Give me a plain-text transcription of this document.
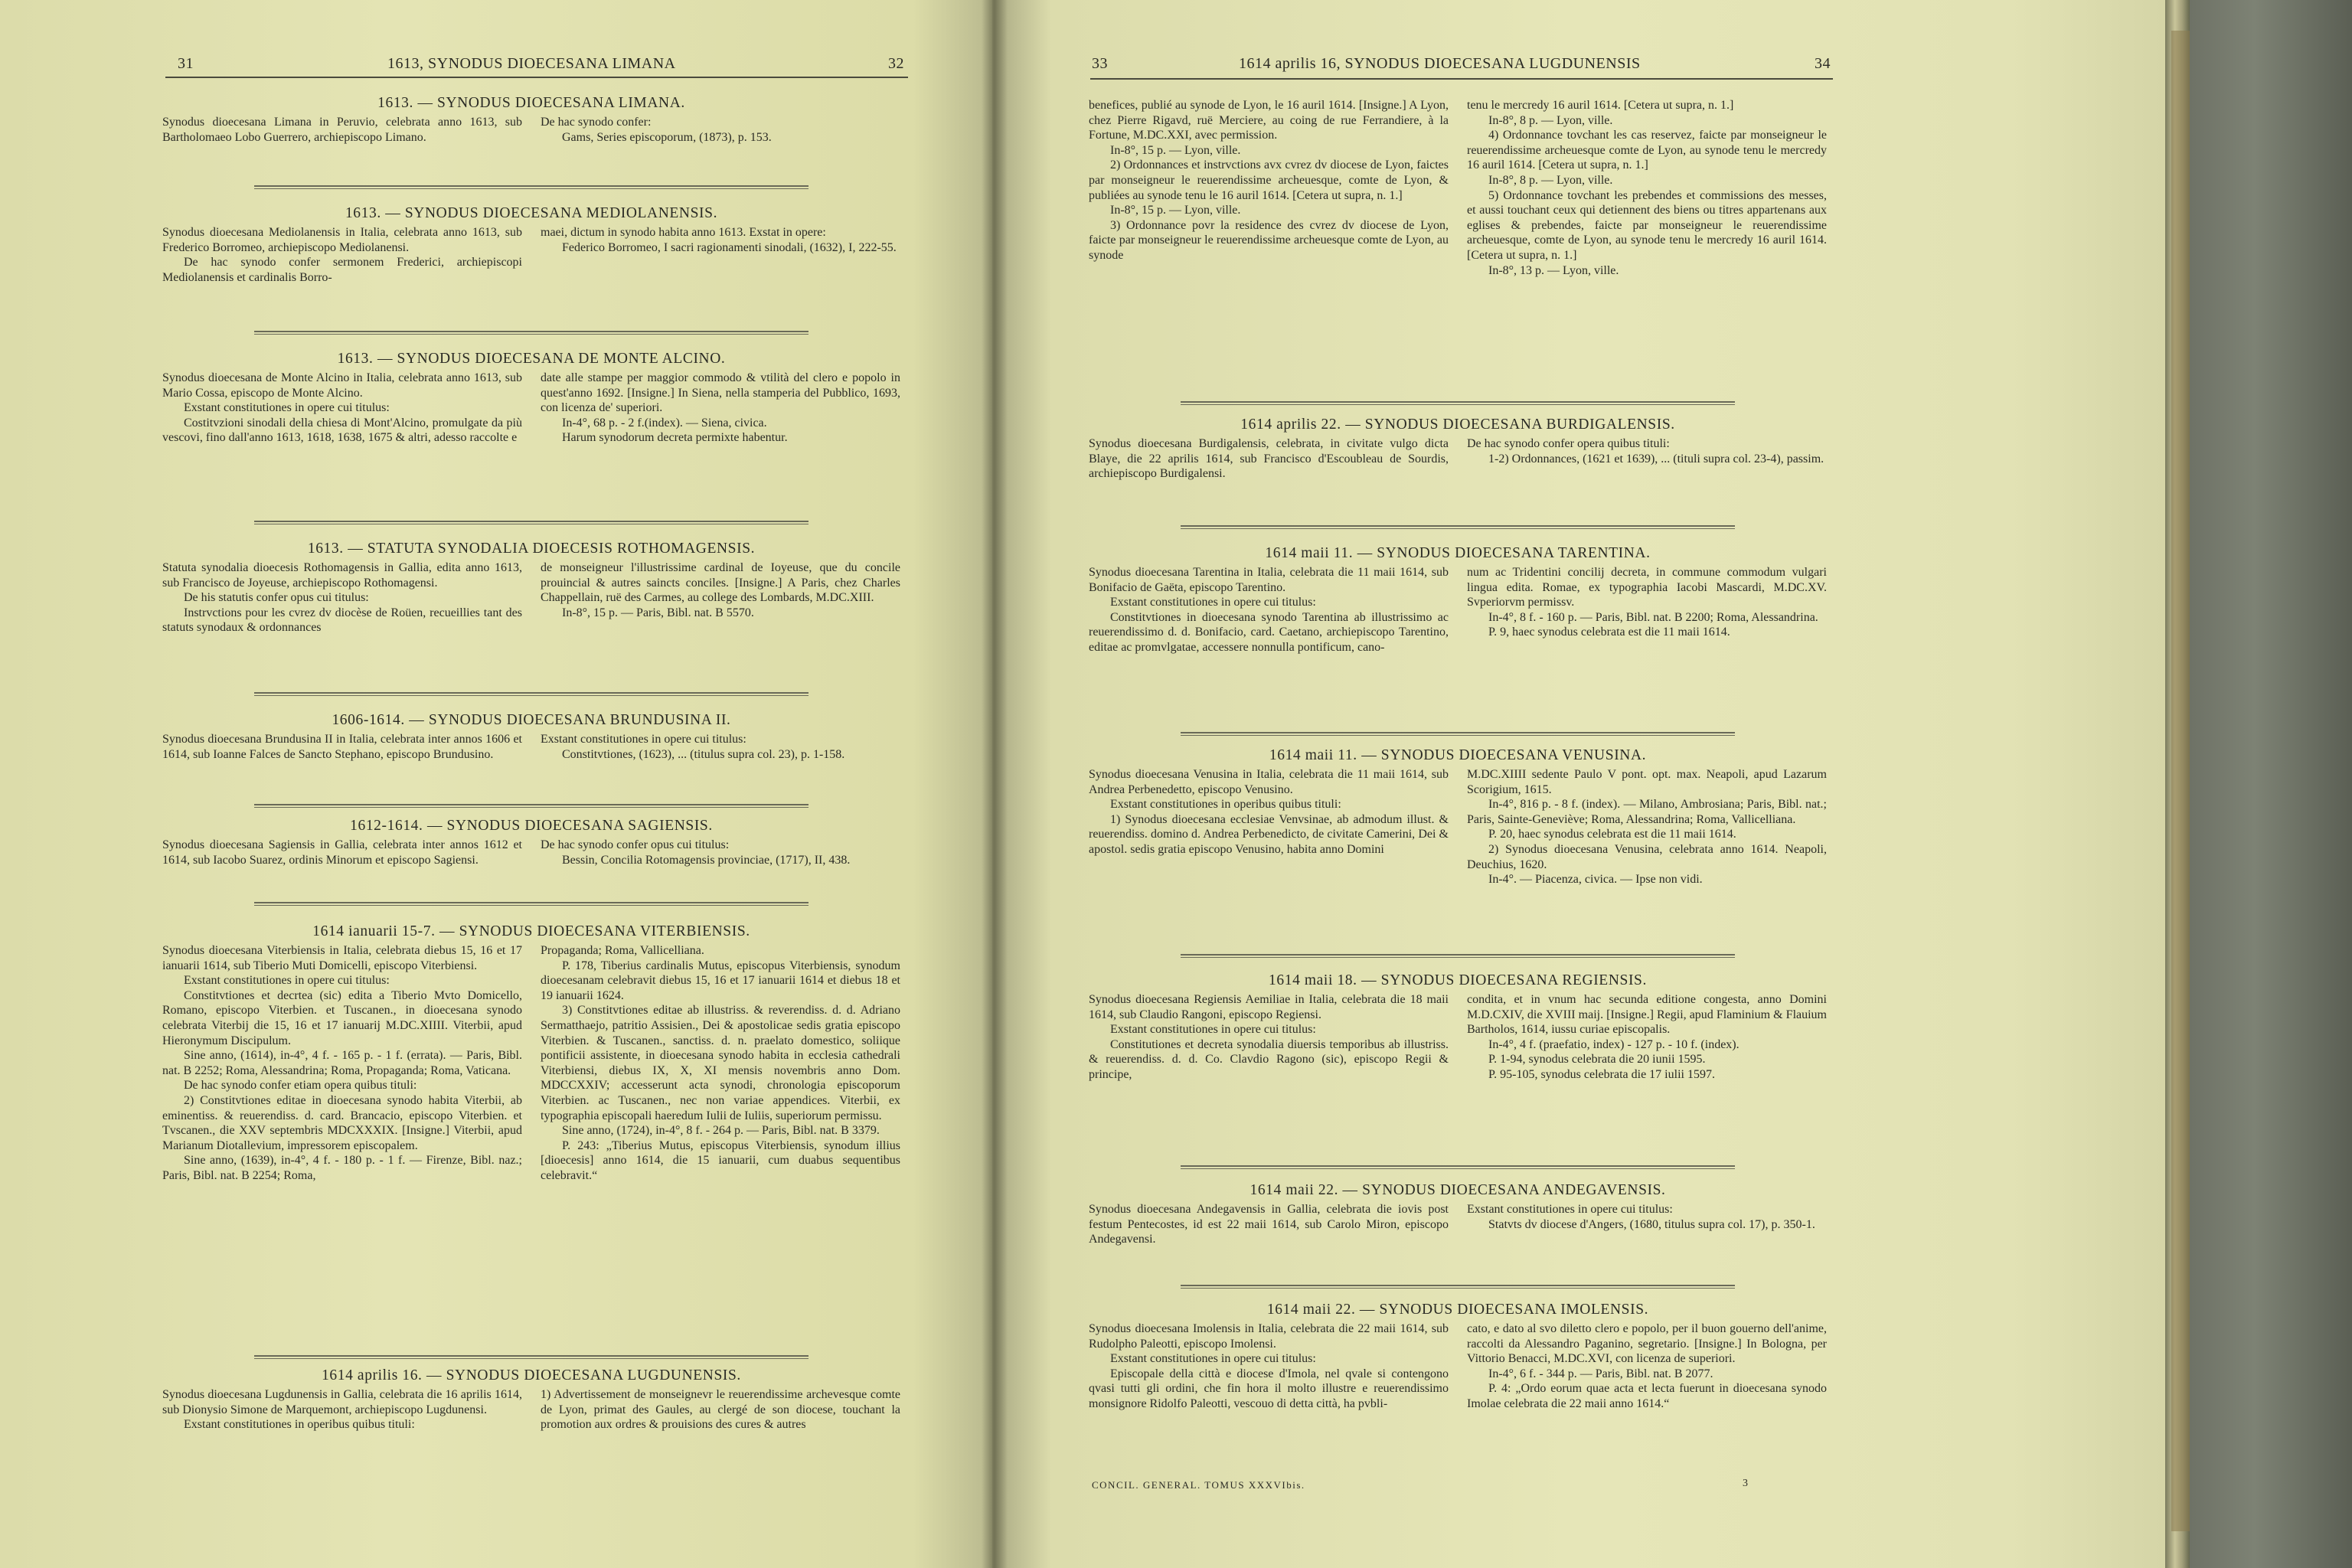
31	1613, SYNODUS DIOECESANA LIMANA	32
1613. — SYNODUS DIOECESANA LIMANA.

Synodus dioecesana Limana in Peruvio, celebrata anno 1613, sub Bartholomaeo Lobo Guerrero, archiepiscopo Limano.

De hac synodo confer:

Gams, Series episcoporum, (1873), p. 153.

1613. — SYNODUS DIOECESANA MEDIOLANENSIS.

Synodus dioecesana Mediolanensis in Italia, celebrata anno 1613, sub Frederico Borromeo, archiepiscopo Mediolanensi.

De hac synodo confer sermonem Frederici, archiepiscopi Mediolanensis et cardinalis Borro-

maei, dictum in synodo habita anno 1613. Exstat in opere:

Federico Borromeo, I sacri ragionamenti sinodali, (1632), I, 222-55.

1613. — SYNODUS DIOECESANA DE MONTE ALCINO.

Synodus dioecesana de Monte Alcino in Italia, celebrata anno 1613, sub Mario Cossa, episcopo de Monte Alcino.

Exstant constitutiones in opere cui titulus:

Costitvzioni sinodali della chiesa di Mont'Alcino, promulgate da più vescovi, fino dall'anno 1613, 1618, 1638, 1675 & altri, adesso raccolte e

date alle stampe per maggior commodo & vtilità del clero e popolo in quest'anno 1692. [Insigne.] In Siena, nella stamperia del Pubblico, 1693, con licenza de' superiori.

In-4°, 68 p. - 2 f.(index). — Siena, civica.

Harum synodorum decreta permixte habentur.

1613. — STATUTA SYNODALIA DIOECESIS ROTHOMAGENSIS.

Statuta synodalia dioecesis Rothomagensis in Gallia, edita anno 1613, sub Francisco de Joyeuse, archiepiscopo Rothomagensi.

De his statutis confer opus cui titulus:

Instrvctions pour les cvrez dv diocèse de Roüen, recueillies tant des statuts synodaux & ordonnances

de monseigneur l'illustrissime cardinal de Ioyeuse, que du concile prouincial & autres saincts conciles. [Insigne.] A Paris, chez Charles Chappellain, ruë des Carmes, au college des Lombards, M.DC.XIII.

In-8°, 15 p. — Paris, Bibl. nat. B 5570.

1606-1614. — SYNODUS DIOECESANA BRUNDUSINA II.

Synodus dioecesana Brundusina II in Italia, celebrata inter annos 1606 et 1614, sub Ioanne Falces de Sancto Stephano, episcopo Brundusino.

Exstant constitutiones in opere cui titulus:

Constitvtiones, (1623), ... (titulus supra col. 23), p. 1-158.

1612-1614. — SYNODUS DIOECESANA SAGIENSIS.

Synodus dioecesana Sagiensis in Gallia, celebrata inter annos 1612 et 1614, sub Iacobo Suarez, ordinis Minorum et episcopo Sagiensi.

De hac synodo confer opus cui titulus:

Bessin, Concilia Rotomagensis provinciae, (1717), II, 438.

1614 ianuarii 15-7. — SYNODUS DIOECESANA VITERBIENSIS.

Synodus dioecesana Viterbiensis in Italia, celebrata diebus 15, 16 et 17 ianuarii 1614, sub Tiberio Muti Domicelli, episcopo Viterbiensi.

Exstant constitutiones in opere cui titulus:

Constitvtiones et decrtea (sic) edita a Tiberio Mvto Domicello, Romano, episcopo Viterbien. et Tuscanen., in dioecesana synodo celebrata Viterbij die 15, 16 et 17 ianuarij M.DC.XIIII. Viterbii, apud Hieronymum Discipulum.

Sine anno, (1614), in-4°, 4 f. - 165 p. - 1 f. (errata). — Paris, Bibl. nat. B 2252; Roma, Alessandrina; Roma, Propaganda; Roma, Vaticana.

De hac synodo confer etiam opera quibus tituli:

2) Constitvtiones editae in dioecesana synodo habita Viterbii, ab eminentiss. & reuerendiss. d. card. Brancacio, episcopo Viterbien. et Tvscanen., die XXV septembris MDCXXXIX. [Insigne.] Viterbii, apud Marianum Diotallevium, impressorem episcopalem.

Sine anno, (1639), in-4°, 4 f. - 180 p. - 1 f. — Firenze, Bibl. naz.; Paris, Bibl. nat. B 2254; Roma,

Propaganda; Roma, Vallicelliana.

P. 178, Tiberius cardinalis Mutus, episcopus Viterbiensis, synodum dioecesanam celebravit diebus 15, 16 et 17 ianuarii 1614 et diebus 18 et 19 ianuarii 1624.

3) Constitvtiones editae ab illustriss. & reverendiss. d. d. Adriano Sermatthaejo, patritio Assisien., Dei & apostolicae sedis gratia episcopo Viterbien. & Tuscanen., sanctiss. d. n. praelato domestico, soliique pontificii assistente, in dioecesana synodo habita in ecclesia cathedrali Viterbiensi, diebus IX, X, XI mensis novembris anno Dom. MDCCXXIV; accesserunt acta synodi, chronologia episcoporum Viterbien. ac Tuscanen., nec non variae appendices. Viterbii, ex typographia episcopali haeredum Iulii de Iuliis, superiorum permissu.

Sine anno, (1724), in-4°, 8 f. - 264 p. — Paris, Bibl. nat. B 3379.

P. 243: „Tiberius Mutus, episcopus Viterbiensis, synodum illius [dioecesis] anno 1614, die 15 ianuarii, cum duabus sequentibus celebravit.“

1614 aprilis 16. — SYNODUS DIOECESANA LUGDUNENSIS.

Synodus dioecesana Lugdunensis in Gallia, celebrata die 16 aprilis 1614, sub Dionysio Simone de Marquemont, archiepiscopo Lugdunensi.

Exstant constitutiones in operibus quibus tituli:

1) Advertissement de monseignevr le reuerendissime archevesque comte de Lyon, primat des Gaules, au clergé de son diocese, touchant la promotion aux ordres & prouisions des cures & autres

33	1614 aprilis 16, SYNODUS DIOECESANA LUGDUNENSIS	34

benefices, publié au synode de Lyon, le 16 auril 1614. [Insigne.] A Lyon, chez Pierre Rigavd, ruë Merciere, au coing de rue Ferrandiere, à la Fortune, M.DC.XXI, avec permission.

In-8°, 15 p. — Lyon, ville.

2) Ordonnances et instrvctions avx cvrez dv diocese de Lyon, faictes par monseigneur le reuerendissime archeuesque, comte de Lyon, & publiées au synode tenu le 16 auril 1614. [Cetera ut supra, n. 1.]

In-8°, 15 p. — Lyon, ville.

3) Ordonnance povr la residence des cvrez dv diocese de Lyon, faicte par monseigneur le reuerendissime archeuesque comte de Lyon, au synode

tenu le mercredy 16 auril 1614. [Cetera ut supra, n. 1.]

In-8°, 8 p. — Lyon, ville.

4) Ordonnance tovchant les cas reservez, faicte par monseigneur le reuerendissime archeuesque comte de Lyon, au synode tenu le mercredy 16 auril 1614. [Cetera ut supra, n. 1.]

In-8°, 8 p. — Lyon, ville.

5) Ordonnance tovchant les prebendes et commissions des messes, et aussi touchant ceux qui detiennent des biens ou titres appartenans aux eglises & prebendes, faicte par monseigneur le reuerendissime archeuesque, comte de Lyon, au synode tenu le mercredy 16 auril 1614. [Cetera ut supra, n. 1.]

In-8°, 13 p. — Lyon, ville.

1614 aprilis 22. — SYNODUS DIOECESANA BURDIGALENSIS.

Synodus dioecesana Burdigalensis, celebrata, in civitate vulgo dicta Blaye, die 22 aprilis 1614, sub Francisco d'Escoubleau de Sourdis, archiepiscopo Burdigalensi.

De hac synodo confer opera quibus tituli:

1-2) Ordonnances, (1621 et 1639), ... (tituli supra col. 23-4), passim.

1614 maii 11. — SYNODUS DIOECESANA TARENTINA.

Synodus dioecesana Tarentina in Italia, celebrata die 11 maii 1614, sub Bonifacio de Gaëta, episcopo Tarentino.

Exstant constitutiones in opere cui titulus:

Constitvtiones in dioecesana synodo Tarentina ab illustrissimo ac reuerendissimo d. d. Bonifacio, card. Caetano, archiepiscopo Tarentino, editae ac promvlgatae, accessere nonnulla pontificum, cano-

num ac Tridentini concilij decreta, in commune commodum vulgari lingua edita. Romae, ex typographia Iacobi Mascardi, M.DC.XV. Svperiorvm permissv.

In-4°, 8 f. - 160 p. — Paris, Bibl. nat. B 2200; Roma, Alessandrina.

P. 9, haec synodus celebrata est die 11 maii 1614.

1614 maii 11. — SYNODUS DIOECESANA VENUSINA.

Synodus dioecesana Venusina in Italia, celebrata die 11 maii 1614, sub Andrea Perbenedetto, episcopo Venusino.

Exstant constitutiones in operibus quibus tituli:

1) Synodus dioecesana ecclesiae Venvsinae, ab admodum illust. & reuerendiss. domino d. Andrea Perbenedicto, de civitate Camerini, Dei & apostol. sedis gratia episcopo Venusino, habita anno Domini

M.DC.XIIII sedente Paulo V pont. opt. max. Neapoli, apud Lazarum Scorigium, 1615.

In-4°, 816 p. - 8 f. (index). — Milano, Ambrosiana; Paris, Bibl. nat.; Paris, Sainte-Geneviève; Roma, Alessandrina; Roma, Vallicelliana.

P. 20, haec synodus celebrata est die 11 maii 1614.

2) Synodus dioecesana Venusina, celebrata anno 1614. Neapoli, Deuchius, 1620.

In-4°. — Piacenza, civica. — Ipse non vidi.

1614 maii 18. — SYNODUS DIOECESANA REGIENSIS.

Synodus dioecesana Regiensis Aemiliae in Italia, celebrata die 18 maii 1614, sub Claudio Rangoni, episcopo Regiensi.

Exstant constitutiones in opere cui titulus:

Constitutiones et decreta synodalia diuersis temporibus ab illustriss. & reuerendiss. d. d. Co. Clavdio Ragono (sic), episcopo Regii & principe,

condita, et in vnum hac secunda editione congesta, anno Domini M.D.CXIV, die XVIII maij. [Insigne.] Regii, apud Flaminium & Flauium Bartholos, 1614, iussu curiae episcopalis.

In-4°, 4 f. (praefatio, index) - 127 p. - 10 f. (index).

P. 1-94, synodus celebrata die 20 iunii 1595.

P. 95-105, synodus celebrata die 17 iulii 1597.

1614 maii 22. — SYNODUS DIOECESANA ANDEGAVENSIS.

Synodus dioecesana Andegavensis in Gallia, celebrata die iovis post festum Pentecostes, id est 22 maii 1614, sub Carolo Miron, episcopo Andegavensi.

Exstant constitutiones in opere cui titulus:

Statvts dv diocese d'Angers, (1680, titulus supra col. 17), p. 350-1.

1614 maii 22. — SYNODUS DIOECESANA IMOLENSIS.

Synodus dioecesana Imolensis in Italia, celebrata die 22 maii 1614, sub Rudolpho Paleotti, episcopo Imolensi.

Exstant constitutiones in opere cui titulus:

Episcopale della città e diocese d'Imola, nel qvale si contengono qvasi tutti gli ordini, che fin hora il molto illustre e reuerendissimo monsignore Ridolfo Paleotti, vescouo di detta città, ha pvbli-

cato, e dato al svo diletto clero e popolo, per il buon gouerno dell'anime, raccolti da Alessandro Paganino, segretario. [Insigne.] In Bologna, per Vittorio Benacci, M.DC.XVI, con licenza de superiori.

In-4°, 6 f. - 344 p. — Paris, Bibl. nat. B 2077.

P. 4: „Ordo eorum quae acta et lecta fuerunt in dioecesana synodo Imolae celebrata die 22 maii anno 1614.“

CONCIL. GENERAL. TOMUS XXXVIbis.	3
